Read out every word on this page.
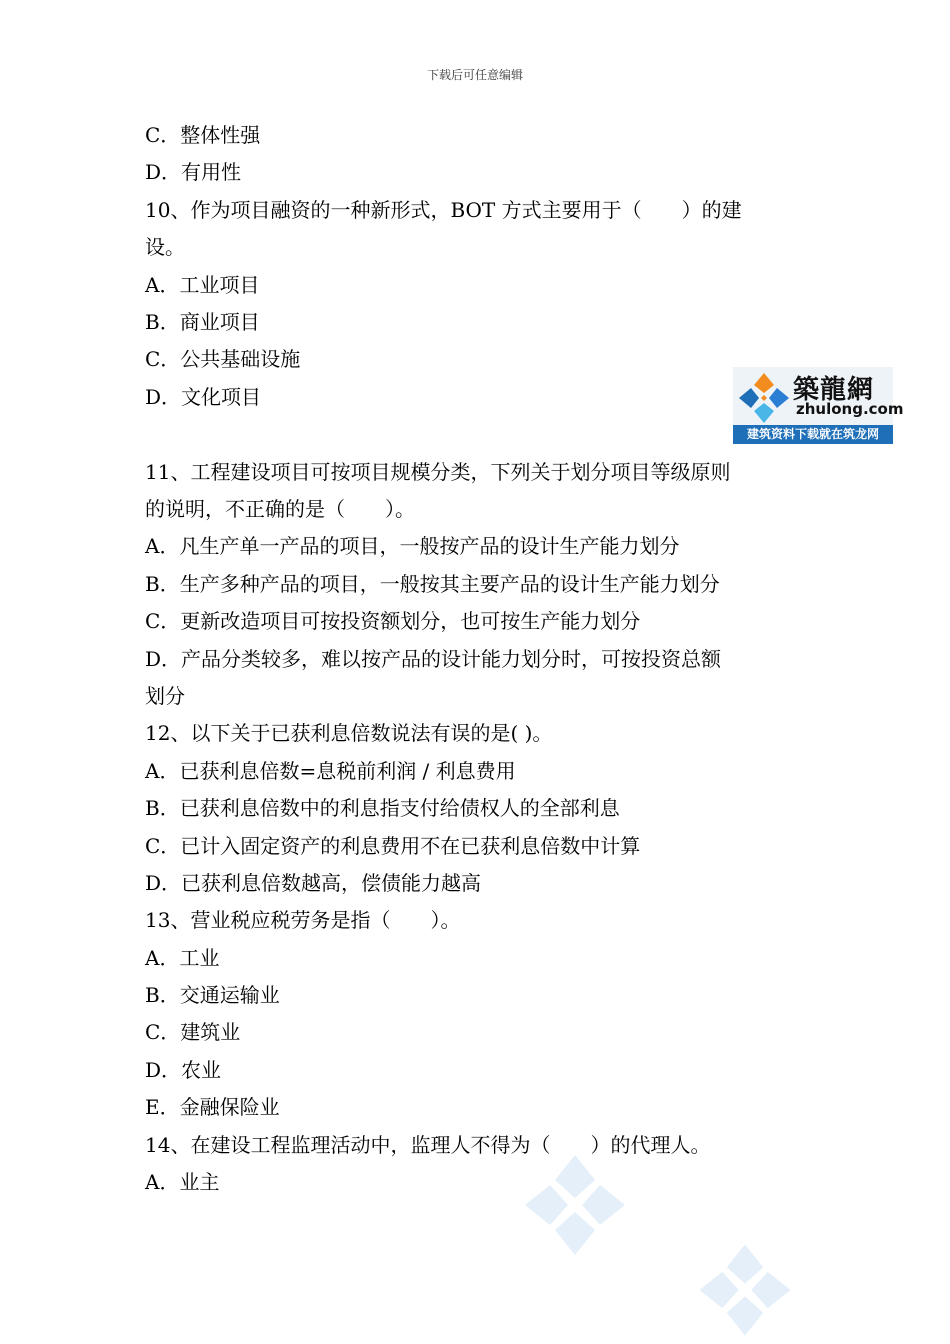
下载后可任意编辑
C．整体性强
D．有用性
10、作为项目融资的一种新形式，BOT 方式主要用于（　　）的建
设。
A．工业项目
B．商业项目
C．公共基础设施
D．文化项目
11、工程建设项目可按项目规模分类，下列关于划分项目等级原则
的说明，不正确的是（　　）。
A．凡生产单一产品的项目，一般按产品的设计生产能力划分
B．生产多种产品的项目，一般按其主要产品的设计生产能力划分
C．更新改造项目可按投资额划分，也可按生产能力划分
D．产品分类较多，难以按产品的设计能力划分时，可按投资总额
划分
12、以下关于已获利息倍数说法有误的是( )。
A．已获利息倍数=息税前利润 / 利息费用
B．已获利息倍数中的利息指支付给债权人的全部利息
C．已计入固定资产的利息费用不在已获利息倍数中计算
D．已获利息倍数越高，偿债能力越高
13、营业税应税劳务是指（　　）。
A．工业
B．交通运输业
C．建筑业
D．农业
E．金融保险业
14、在建设工程监理活动中，监理人不得为（　　）的代理人。
A．业主
築龍網
zhulong.com
建筑资料下载就在筑龙网
